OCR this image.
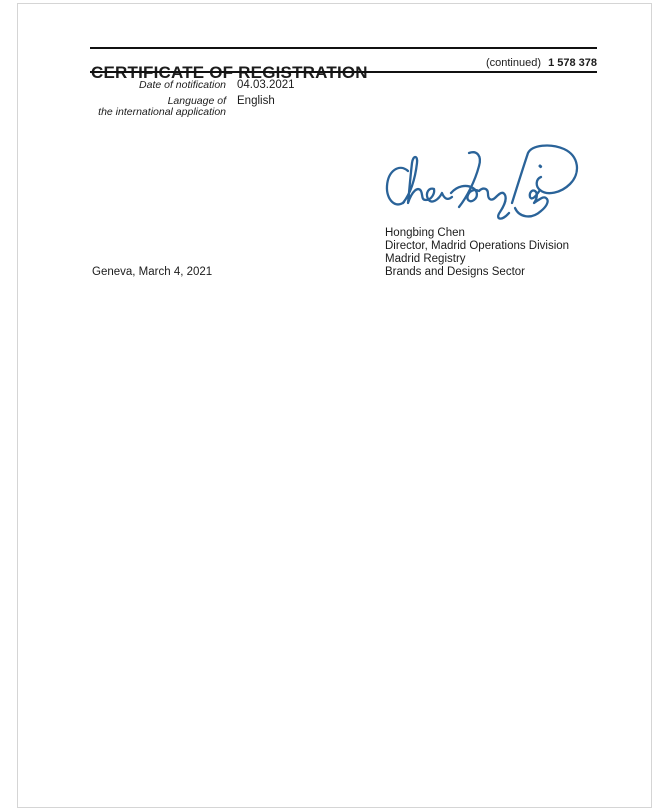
(continued) 1 578 378
Date of notification 04.03.2021
Language of
the international application
English
Hongbing Chen
Director, Madrid Operations Division
Madrid Registry
Brands and Designs Sector
Geneva, March 4, 2021
